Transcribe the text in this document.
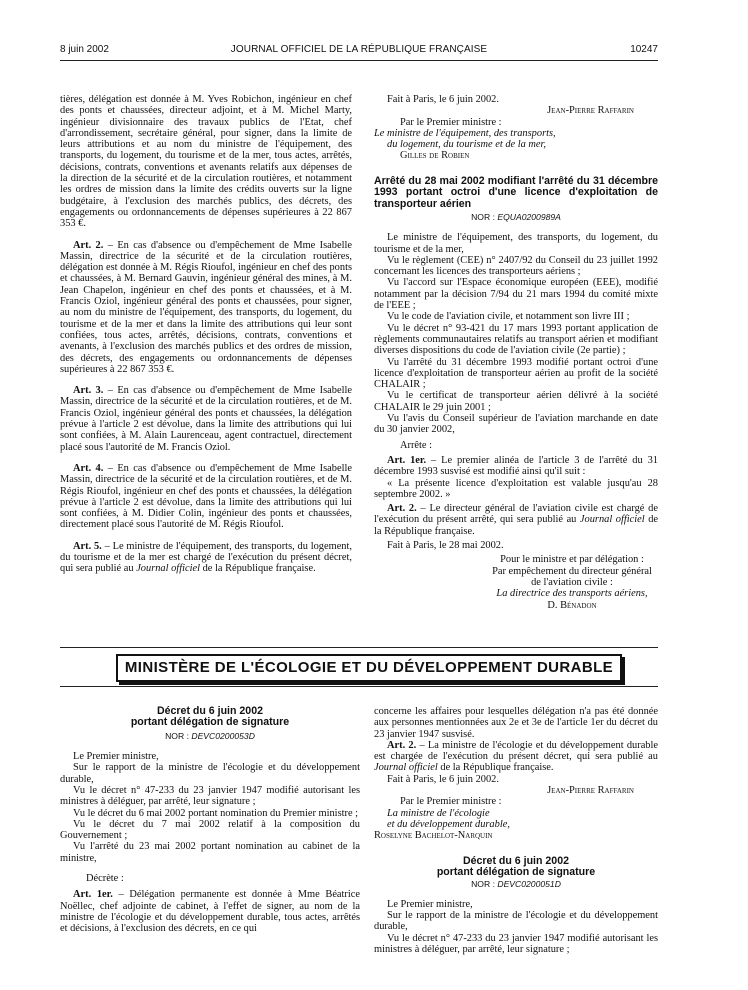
8 juin 2002	JOURNAL OFFICIEL DE LA RÉPUBLIQUE FRANÇAISE	10247

tières, délégation est donnée à M. Yves Robichon, ingénieur en chef des ponts et chaussées, directeur adjoint, et à M. Michel Marty, ingénieur divisionnaire des travaux publics de l'Etat, chef d'arrondissement, secrétaire général, pour signer, dans la limite de leurs attributions et au nom du ministre de l'équipement, des transports, du logement, du tourisme et de la mer, tous actes, arrêtés, décisions, contrats, conventions et avenants relatifs aux dépenses de la direction de la sécurité et de la circulation routières, et notamment les ordres de mission dans la limite des crédits ouverts sur la ligne budgétaire, à l'exclusion des marchés publics, des décrets, des engagements ou ordonnancements de dépenses supérieures à 22 867 353 €.

Art. 2. – En cas d'absence ou d'empêchement de Mme Isabelle Massin, directrice de la sécurité et de la circulation routières, délégation est donnée à M. Régis Rioufol, ingénieur en chef des ponts et chaussées, à M. Bernard Gauvin, ingénieur général des mines, à M. Jean Chapelon, ingénieur en chef des ponts et chaussées, et à M. Francis Oziol, ingénieur général des ponts et chaussées, pour signer, au nom du ministre de l'équipement, des transports, du logement, du tourisme et de la mer et dans la limite des attributions qui leur sont confiées, tous actes, arrêtés, décisions, contrats, conventions et avenants, à l'exclusion des marchés publics et des ordres de mission, des décrets, des engagements ou ordonnancements de dépenses supérieures à 22 867 353 €.

Art. 3. – En cas d'absence ou d'empêchement de Mme Isabelle Massin, directrice de la sécurité et de la circulation routières, et de M. Francis Oziol, ingénieur général des ponts et chaussées, la délégation prévue à l'article 2 est dévolue, dans la limite des attributions qui lui sont confiées, à M. Alain Laurenceau, agent contractuel, directement placé sous l'autorité de M. Francis Oziol.

Art. 4. – En cas d'absence ou d'empêchement de Mme Isabelle Massin, directrice de la sécurité et de la circulation routières, et de M. Régis Rioufol, ingénieur en chef des ponts et chaussées, la délégation prévue à l'article 2 est dévolue, dans la limite des attributions qui lui sont confiées, à M. Didier Colin, ingénieur des ponts et chaussées, directement placé sous l'autorité de M. Régis Rioufol.

Art. 5. – Le ministre de l'équipement, des transports, du logement, du tourisme et de la mer est chargé de l'exécution du présent décret, qui sera publié au Journal officiel de la République française.

Fait à Paris, le 6 juin 2002.

Jean-Pierre Raffarin

Par le Premier ministre :

Le ministre de l'équipement, des transports,

du logement, du tourisme et de la mer,

Gilles de Robien

Arrêté du 28 mai 2002 modifiant l'arrêté du 31 décembre 1993 portant octroi d'une licence d'exploitation de transporteur aérien

NOR : EQUA0200989A

Le ministre de l'équipement, des transports, du logement, du tourisme et de la mer,

Vu le règlement (CEE) n° 2407/92 du Conseil du 23 juillet 1992 concernant les licences des transporteurs aériens ;

Vu l'accord sur l'Espace économique européen (EEE), modifié notamment par la décision 7/94 du 21 mars 1994 du comité mixte de l'EEE ;

Vu le code de l'aviation civile, et notamment son livre III ;

Vu le décret n° 93-421 du 17 mars 1993 portant application de règlements communautaires relatifs au transport aérien et modifiant diverses dispositions du code de l'aviation civile (2e partie) ;

Vu l'arrêté du 31 décembre 1993 modifié portant octroi d'une licence d'exploitation de transporteur aérien au profit de la société CHALAIR ;

Vu le certificat de transporteur aérien délivré à la société CHALAIR le 29 juin 2001 ;

Vu l'avis du Conseil supérieur de l'aviation marchande en date du 30 janvier 2002,

Arrête :

Art. 1er. – Le premier alinéa de l'article 3 de l'arrêté du 31 décembre 1993 susvisé est modifié ainsi qu'il suit :

« La présente licence d'exploitation est valable jusqu'au 28 septembre 2002. »

Art. 2. – Le directeur général de l'aviation civile est chargé de l'exécution du présent arrêté, qui sera publié au Journal officiel de la République française.

Fait à Paris, le 28 mai 2002.

Pour le ministre et par délégation :
Par empêchement du directeur général
de l'aviation civile :
La directrice des transports aériens,
D. Bénadon
MINISTÈRE DE L'ÉCOLOGIE ET DU DÉVELOPPEMENT DURABLE

Décret du 6 juin 2002

portant délégation de signature

NOR : DEVC0200053D

Le Premier ministre,

Sur le rapport de la ministre de l'écologie et du développement durable,

Vu le décret n° 47-233 du 23 janvier 1947 modifié autorisant les ministres à déléguer, par arrêté, leur signature ;

Vu le décret du 6 mai 2002 portant nomination du Premier ministre ;

Vu le décret du 7 mai 2002 relatif à la composition du Gouvernement ;

Vu l'arrêté du 23 mai 2002 portant nomination au cabinet de la ministre,

Décrète :

Art. 1er. – Délégation permanente est donnée à Mme Béatrice Noëllec, chef adjointe de cabinet, à l'effet de signer, au nom de la ministre de l'écologie et du développement durable, tous actes, arrêtés et décisions, à l'exclusion des décrets, en ce qui

concerne les affaires pour lesquelles délégation n'a pas été donnée aux personnes mentionnées aux 2e et 3e de l'article 1er du décret du 23 janvier 1947 susvisé.

Art. 2. – La ministre de l'écologie et du développement durable est chargée de l'exécution du présent décret, qui sera publié au Journal officiel de la République française.

Fait à Paris, le 6 juin 2002.

Jean-Pierre Raffarin

Par le Premier ministre :

La ministre de l'écologie

et du développement durable,

Roselyne Bachelot-Narquin

Décret du 6 juin 2002

portant délégation de signature

NOR : DEVC0200051D

Le Premier ministre,

Sur le rapport de la ministre de l'écologie et du développement durable,

Vu le décret n° 47-233 du 23 janvier 1947 modifié autorisant les ministres à déléguer, par arrêté, leur signature ;
